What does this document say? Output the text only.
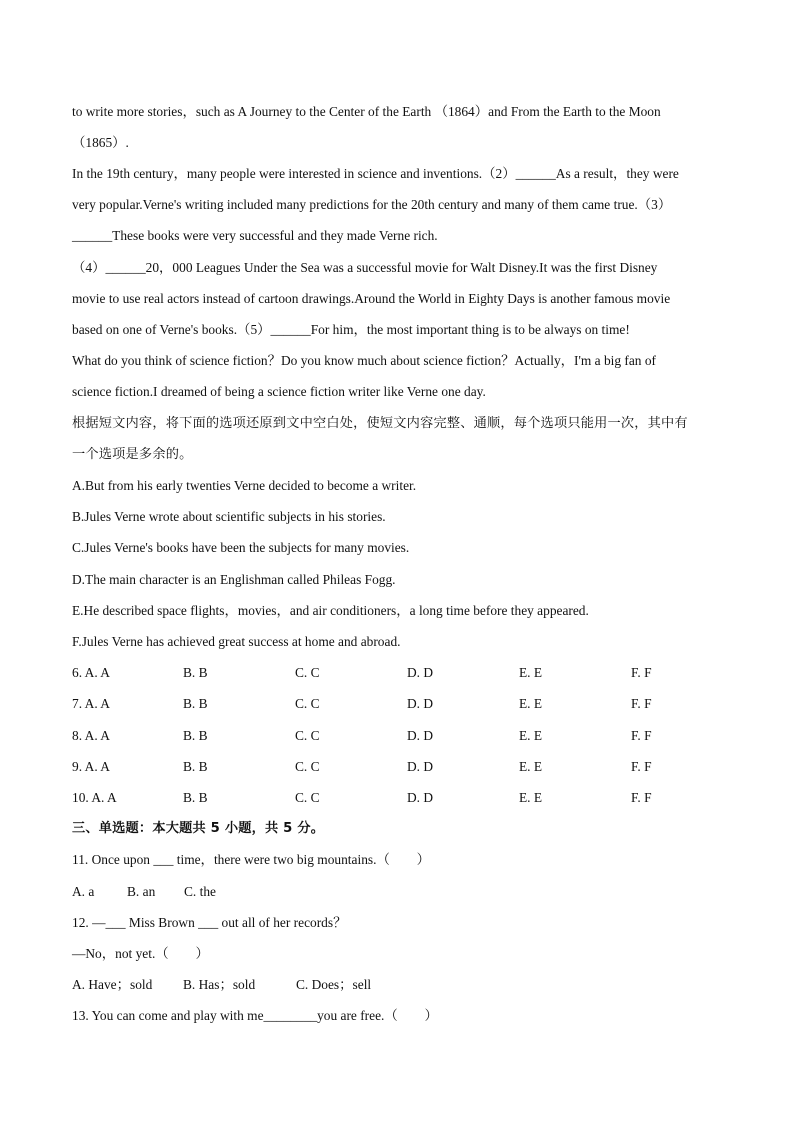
to write more stories，such as A Journey to the Center of the Earth （1864）and From the Earth to the Moon
（1865）.
In the 19th century，many people were interested in science and inventions.（2）______As a result，they were
very popular.Verne's writing included many predictions for the 20th century and many of them came true.（3）
______These books were very successful and they made Verne rich.
（4）______20，000 Leagues Under the Sea was a successful movie for Walt Disney.It was the first Disney
movie to use real actors instead of cartoon drawings.Around the World in Eighty Days is another famous movie
based on one of Verne's books.（5）______For him，the most important thing is to be always on time!
What do you think of science fiction？Do you know much about science fiction？Actually，I'm a big fan of
science fiction.I dreamed of being a science fiction writer like Verne one day.
根据短文内容，将下面的选项还原到文中空白处，使短文内容完整、通顺，每个选项只能用一次，其中有
一个选项是多余的。
A.But from his early twenties Verne decided to become a writer.
B.Jules Verne wrote about scientific subjects in his stories.
C.Jules Verne's books have been the subjects for many movies.
D.The main character is an Englishman called Phileas Fogg.
E.He described space flights，movies，and air conditioners，a long time before they appeared.
F.Jules Verne has achieved great success at home and abroad.
6. A. A	B. B	C. C	D. D	E. E	F. F
7. A. A	B. B	C. C	D. D	E. E	F. F
8. A. A	B. B	C. C	D. D	E. E	F. F
9. A. A	B. B	C. C	D. D	E. E	F. F
10. A. A	B. B	C. C	D. D	E. E	F. F
三、单选题：本大题共 5 小题，共 5 分。
11. Once upon ___ time，there were two big mountains.（　　）
A. a B. an C. the
12. —___ Miss Brown ___ out all of her records？
—No，not yet.（　　）
A. Have；sold B. Has；sold	C. Does；sell
13. You can come and play with me________you are free.（　　）
